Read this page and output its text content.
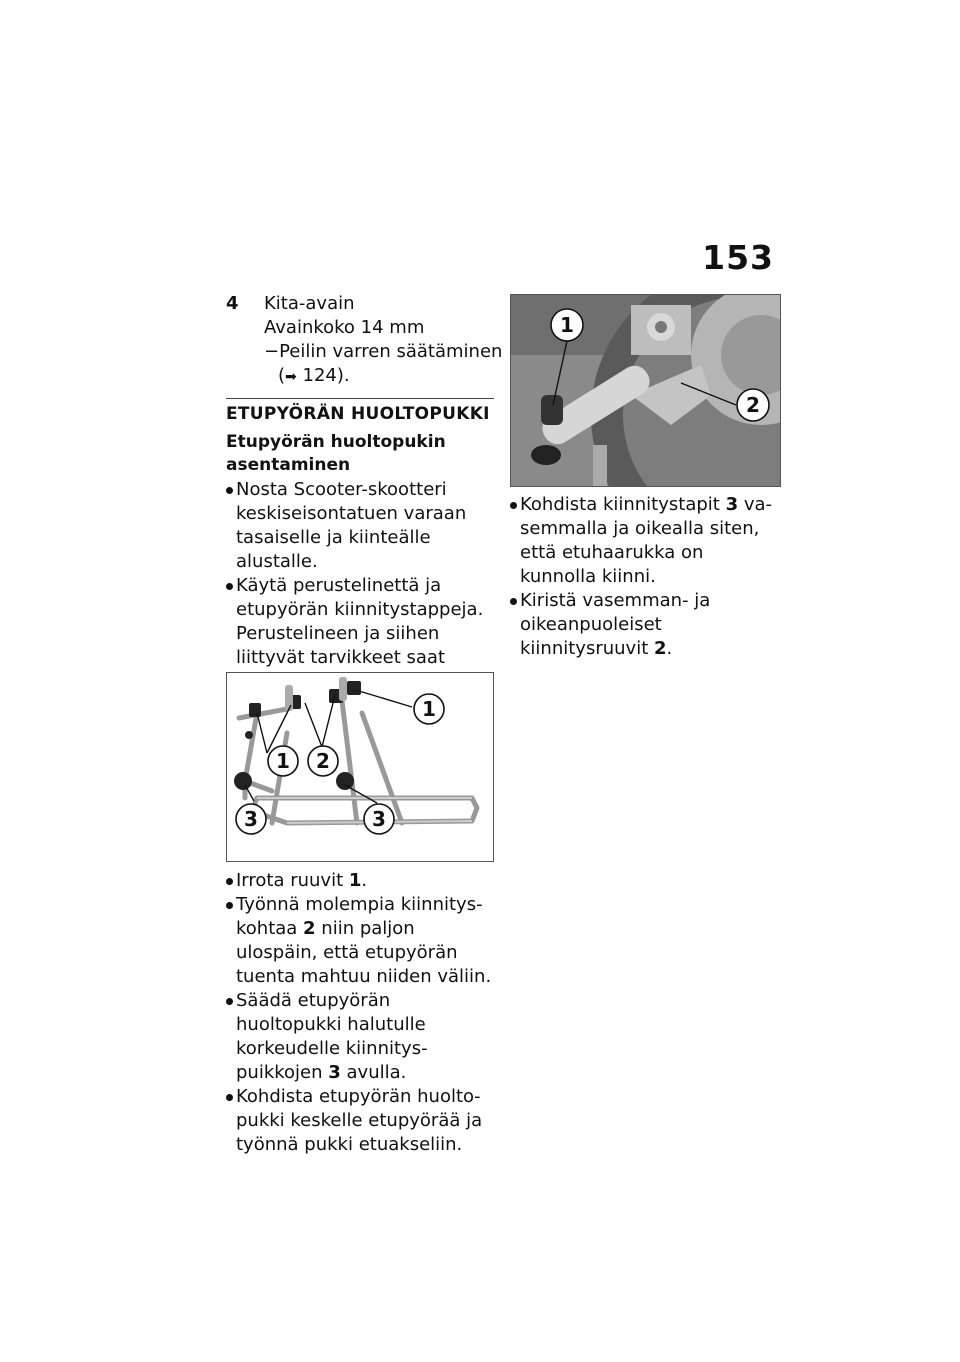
153
4 Kita-avain
Avainkoko 14 mm
−Peilin varren säätäminen
(➡ 124).
ETUPYÖRÄN HUOLTOPUKKI
Etupyörän huoltopukin asentaminen
Nosta Scooter-skootteri keskiseisontatuen varaan tasaiselle ja kiinteälle alustalle.
Käytä perustelinettä ja etupyörän kiinnitystappeja. Perustelineen ja siihen liittyvät tarvikkeet saat
1 2
1
3	3
Irrota ruuvit 1.
Työnnä molempia kiinnityskohtaa 2 niin paljon ulospäin, että etupyörän tuenta mahtuu niiden väliin.
Säädä etupyörän huoltopukki halutulle korkeudelle kiinnityspuikkojen 3 avulla.
Kohdista etupyörän huoltopukki keskelle etupyörää ja työnnä pukki etuakseliin.
1
2
Kohdista kiinnitystapit 3 vasemmalla ja oikealla siten, että etuhaarukka on kunnolla kiinni.
Kiristä vasemman- ja oikeanpuoleiset kiinnitysruuvit 2.
